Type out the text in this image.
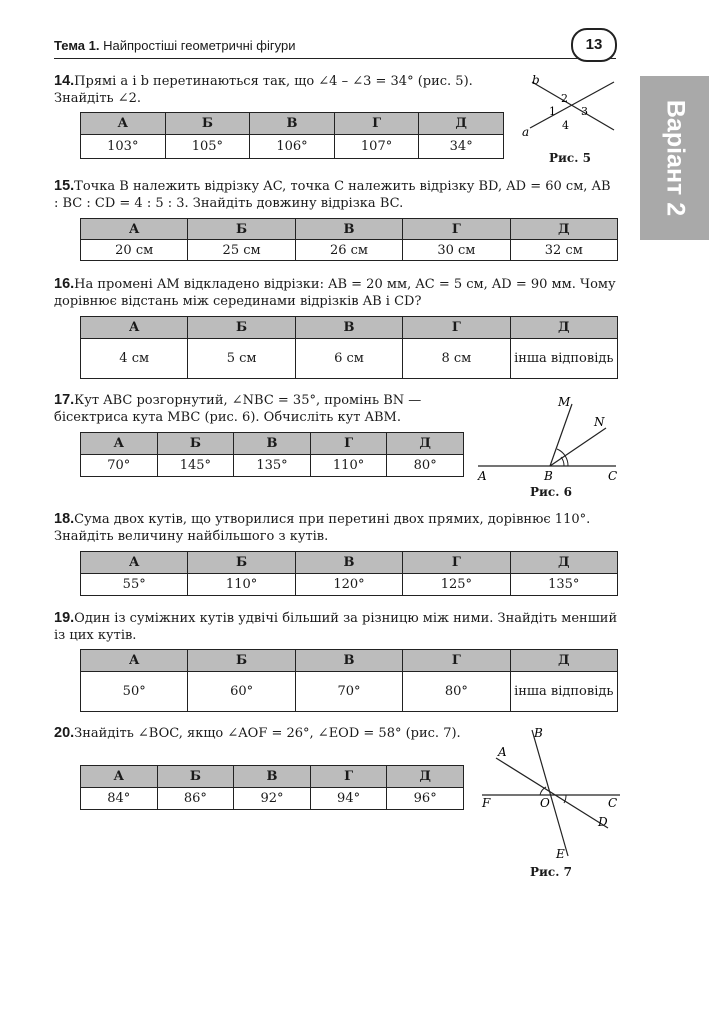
Тема 1. Найпростіші геометричні фігури	13
Варіант 2
14.Прямі a і b перетинаються так, що ∠4 – ∠3 = 34° (рис. 5). Знайдіть ∠2.
А	Б	В	Г	Д
103°	105°	106°	107°	34°
b
a
1
2
3
4
Рис. 5
15.Точка B належить відрізку AC, точка C належить відрізку BD, AD = 60 см, AB : BC : CD = 4 : 5 : 3. Знайдіть довжину відрізка BC.
А	Б	В	Г	Д
20 см	25 см	26 см	30 см	32 см
16.На промені AM відкладено відрізки: AB = 20 мм, AC = 5 см, AD = 90 мм. Чому дорівнює відстань між серединами відрізків AB і CD?
А	Б	В	Г	Д
4 см	5 см	6 см	8 см	інша відповідь
17.Кут ABC розгорнутий, ∠NBC = 35°, промінь BN — бісектриса кута MBC (рис. 6). Обчисліть кут ABM.
А	Б	В	Г	Д
70°	145°	135°	110°	80°
M
N
A	B	C
Рис. 6
18.Сума двох кутів, що утворилися при перетині двох прямих, дорівнює 110°. Знайдіть величину найбільшого з кутів.
А	Б	В	Г	Д
55°	110°	120°	125°	135°
19.Один із суміжних кутів удвічі більший за різницю між ними. Знайдіть менший із цих кутів.
А	Б	В	Г	Д
50°	60°	70°	80°	інша відповідь
20.Знайдіть ∠BOC, якщо ∠AOF = 26°, ∠EOD = 58° (рис. 7).
А	Б	В	Г	Д
84°	86°	92°	94°	96°
B
A
F	O	C
D
E
Рис. 7
